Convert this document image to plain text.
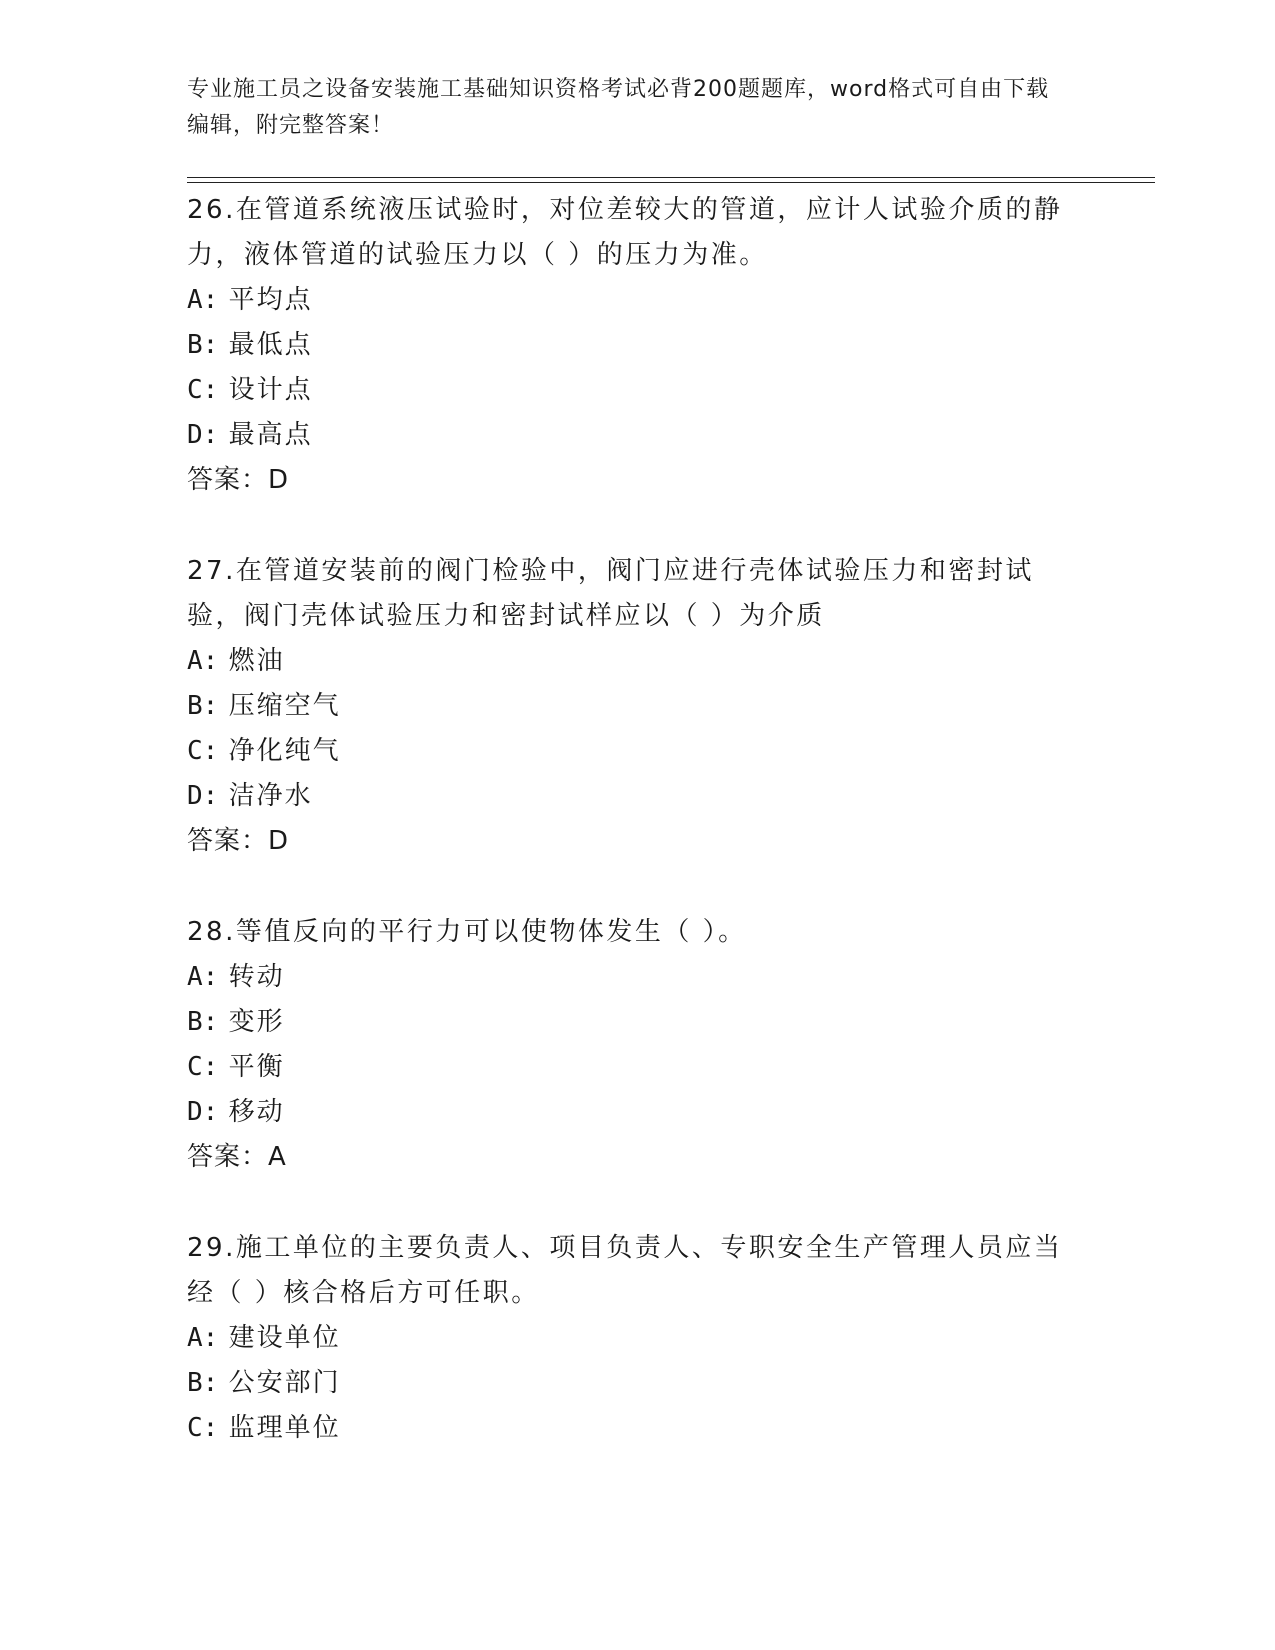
专业施工员之设备安装施工基础知识资格考试必背200题题库，word格式可自由下载编辑，附完整答案！
26.在管道系统液压试验时，对位差较大的管道，应计人试验介质的静力，液体管道的试验压力以（ ）的压力为准。
A: 平均点
B: 最低点
C: 设计点
D: 最高点
答案：D
27.在管道安装前的阀门检验中，阀门应进行壳体试验压力和密封试验，阀门壳体试验压力和密封试样应以（ ）为介质
A: 燃油
B: 压缩空气
C: 净化纯气
D: 洁净水
答案：D
28.等值反向的平行力可以使物体发生（ ）。
A: 转动
B: 变形
C: 平衡
D: 移动
答案：A
29.施工单位的主要负责人、项目负责人、专职安全生产管理人员应当经（ ）核合格后方可任职。
A: 建设单位
B: 公安部门
C: 监理单位
